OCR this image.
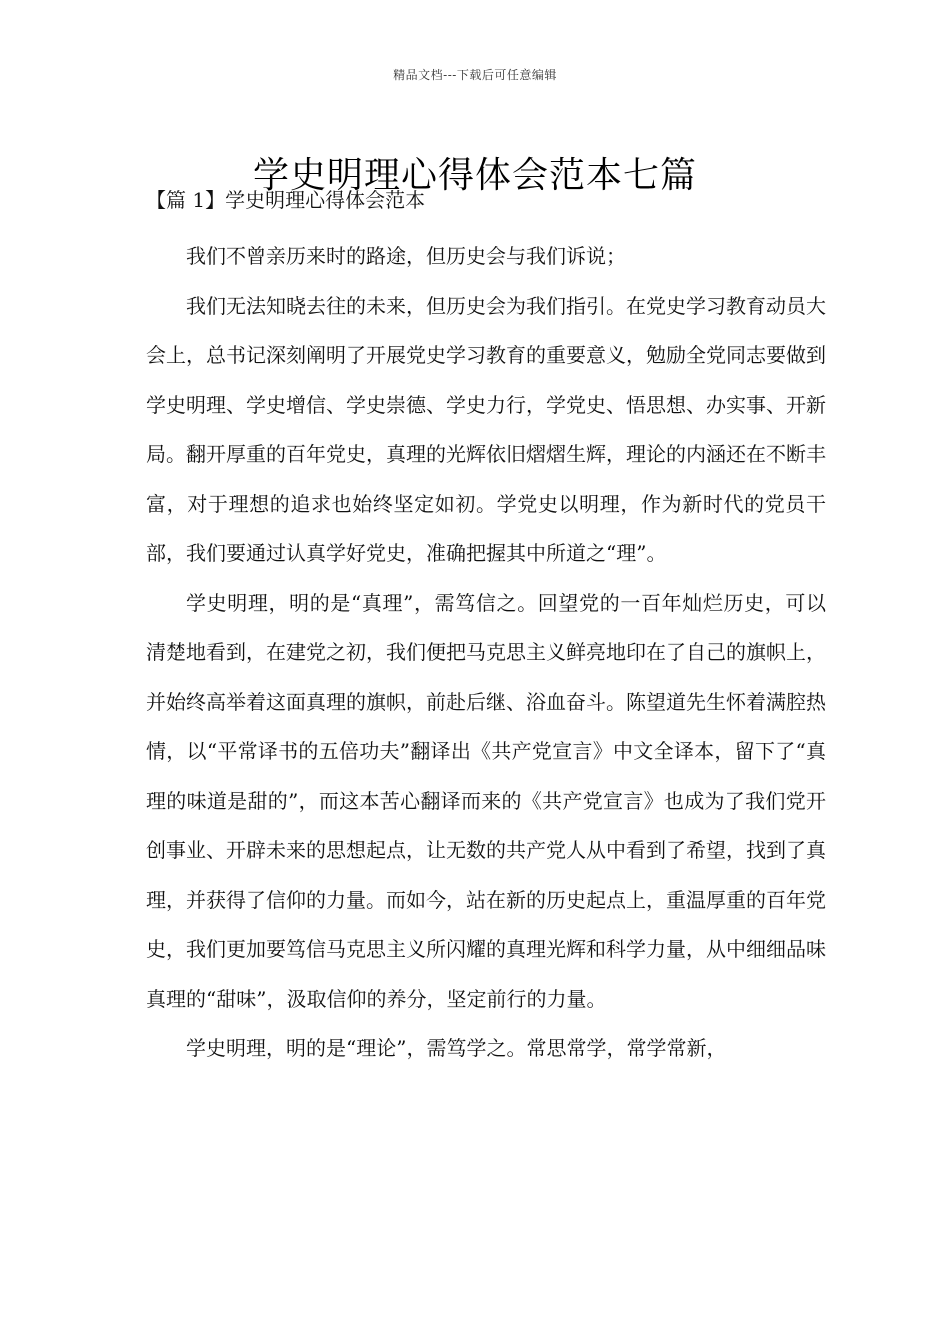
精品文档---下载后可任意编辑
学史明理心得体会范本七篇
【篇 1】学史明理心得体会范本

我们不曾亲历来时的路途，但历史会与我们诉说；

我们无法知晓去往的未来，但历史会为我们指引。在党史学习教育动员大会上，总书记深刻阐明了开展党史学习教育的重要意义，勉励全党同志要做到学史明理、学史增信、学史崇德、学史力行，学党史、悟思想、办实事、开新局。翻开厚重的百年党史，真理的光辉依旧熠熠生辉，理论的内涵还在不断丰富，对于理想的追求也始终坚定如初。学党史以明理，作为新时代的党员干部，我们要通过认真学好党史，准确把握其中所道之“理”。

学史明理，明的是“真理”，需笃信之。回望党的一百年灿烂历史，可以清楚地看到，在建党之初，我们便把马克思主义鲜亮地印在了自己的旗帜上，并始终高举着这面真理的旗帜，前赴后继、浴血奋斗。陈望道先生怀着满腔热情，以“平常译书的五倍功夫”翻译出《共产党宣言》中文全译本，留下了“真理的味道是甜的”，而这本苦心翻译而来的《共产党宣言》也成为了我们党开创事业、开辟未来的思想起点，让无数的共产党人从中看到了希望，找到了真理，并获得了信仰的力量。而如今，站在新的历史起点上，重温厚重的百年党史，我们更加要笃信马克思主义所闪耀的真理光辉和科学力量，从中细细品味真理的“甜味”，汲取信仰的养分，坚定前行的力量。

学史明理，明的是“理论”，需笃学之。常思常学，常学常新，
